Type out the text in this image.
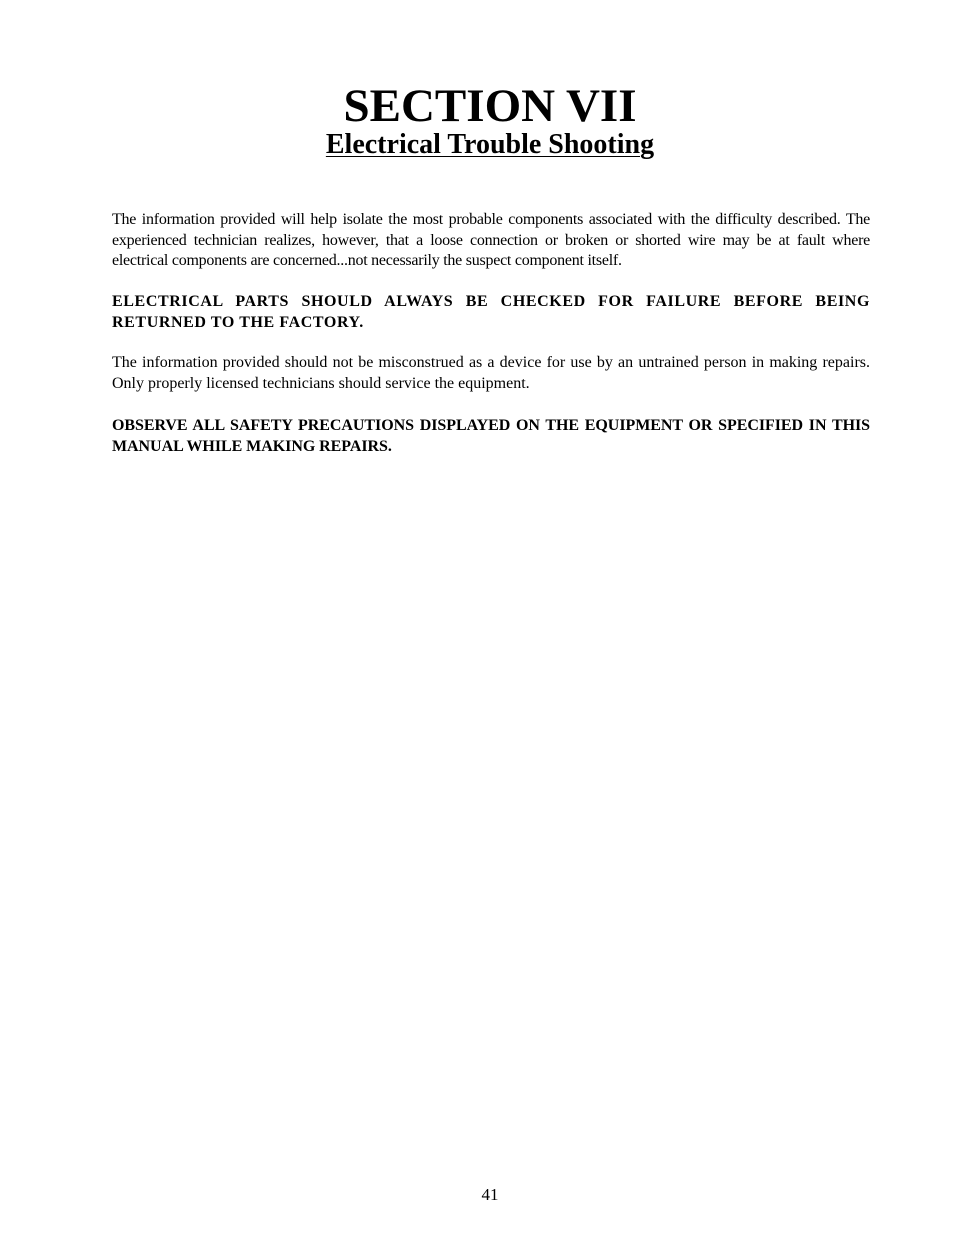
SECTION VII
Electrical Trouble Shooting

The information provided will help isolate the most probable components associated with the difficulty described. The experienced technician realizes, however, that a loose connection or broken or shorted wire may be at fault where electrical components are concerned...not necessarily the suspect component itself.

ELECTRICAL PARTS SHOULD ALWAYS BE CHECKED FOR FAILURE BEFORE BEING RETURNED TO THE FACTORY.

The information provided should not be misconstrued as a device for use by an untrained person in making repairs. Only properly licensed technicians should service the equipment.

OBSERVE ALL SAFETY PRECAUTIONS DISPLAYED ON THE EQUIPMENT OR SPECIFIED IN THIS MANUAL WHILE MAKING REPAIRS.

41
